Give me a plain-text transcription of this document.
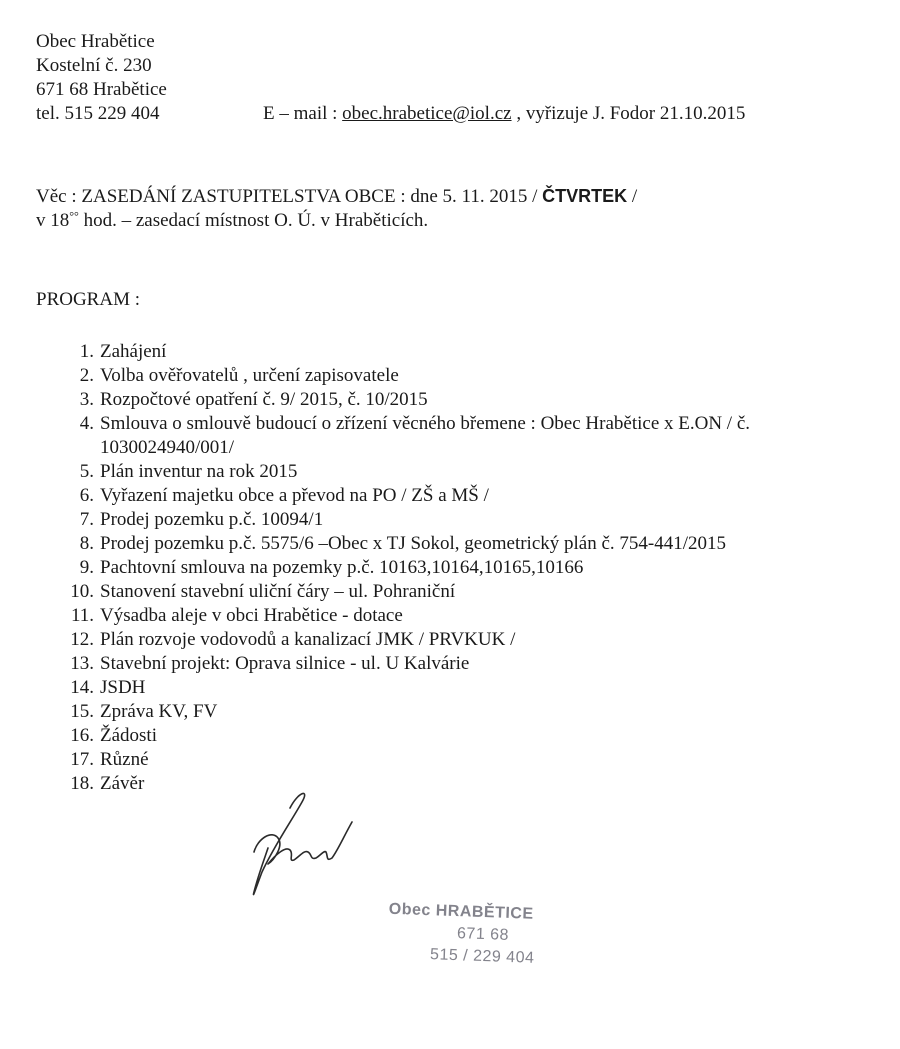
Obec Hrabětice
Kostelní č. 230
671 68 Hrabětice
tel. 515 229 404	E – mail : obec.hrabetice@iol.cz , vyřizuje J. Fodor 21.10.2015
Věc : ZASEDÁNÍ ZASTUPITELSTVA OBCE : dne 5. 11. 2015 / ČTVRTEK /
v 18°° hod. – zasedací místnost O. Ú. v Hraběticích.
PROGRAM :
1. Zahájení
2. Volba ověřovatelů , určení zapisovatele
3. Rozpočtové opatření č. 9/ 2015, č. 10/2015
4. Smlouva o smlouvě budoucí o zřízení věcného břemene : Obec Hrabětice x E.ON / č. 1030024940/001/
5. Plán inventur na rok 2015
6. Vyřazení majetku obce a převod na PO / ZŠ a MŠ /
7. Prodej pozemku p.č. 10094/1
8. Prodej pozemku p.č. 5575/6 –Obec x TJ Sokol, geometrický plán č. 754-441/2015
9. Pachtovní smlouva na pozemky p.č. 10163,10164,10165,10166
10. Stanovení stavební uliční čáry – ul. Pohraniční
11. Výsadba aleje v obci Hrabětice - dotace
12. Plán rozvoje vodovodů a kanalizací JMK / PRVKUK /
13. Stavební projekt: Oprava silnice - ul. U Kalvárie
14. JSDH
15. Zpráva KV, FV
16. Žádosti
17. Různé
18. Závěr
Obec HRABĚTICE
671 68
515 / 229 404
